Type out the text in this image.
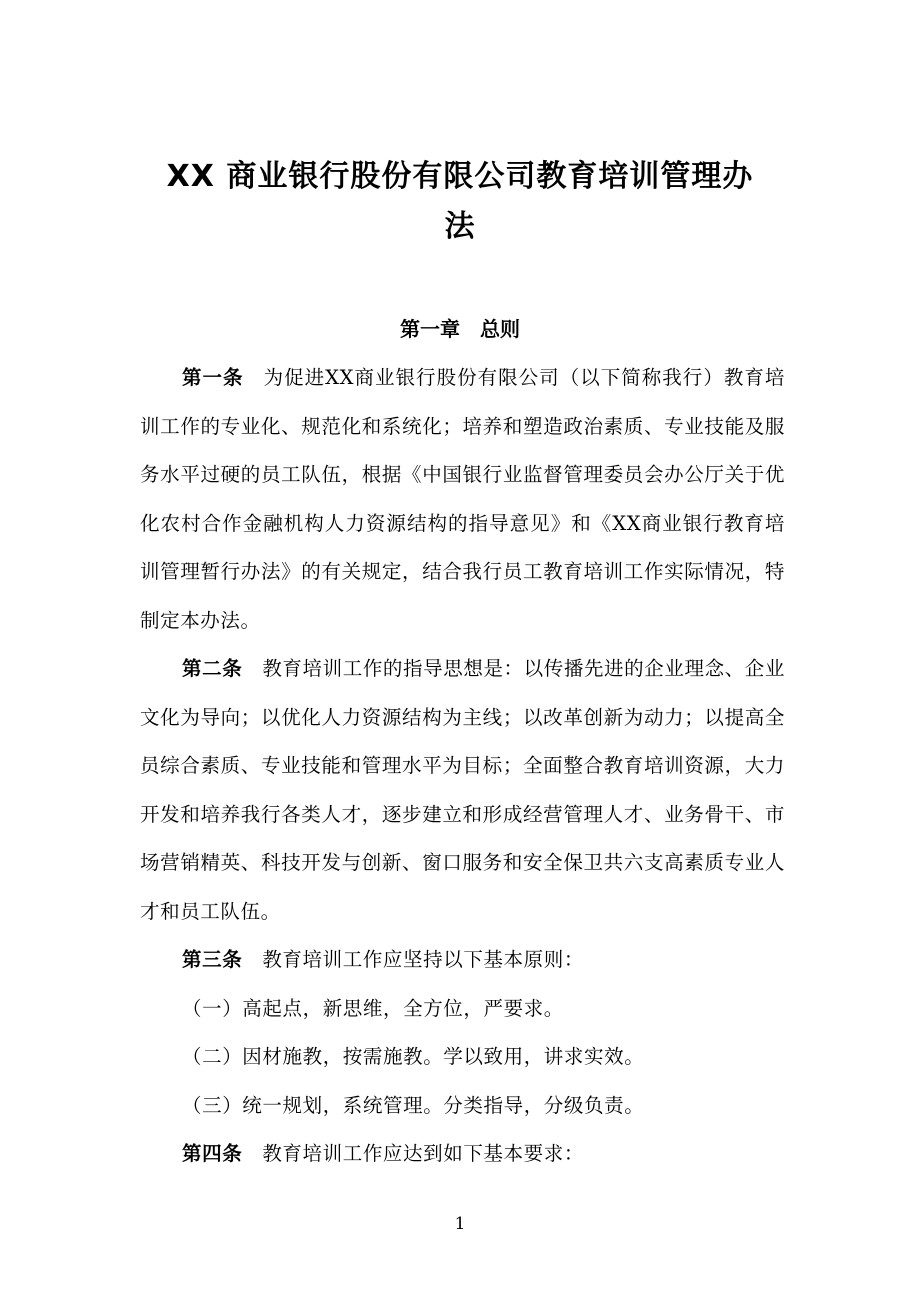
XX 商业银行股份有限公司教育培训管理办
法
第一章　总则

第一条 为促进XX商业银行股份有限公司（以下简称我行）教育培训工作的专业化、规范化和系统化；培养和塑造政治素质、专业技能及服务水平过硬的员工队伍，根据《中国银行业监督管理委员会办公厅关于优化农村合作金融机构人力资源结构的指导意见》和《XX商业银行教育培训管理暂行办法》的有关规定，结合我行员工教育培训工作实际情况，特制定本办法。

第二条 教育培训工作的指导思想是：以传播先进的企业理念、企业文化为导向；以优化人力资源结构为主线；以改革创新为动力；以提高全员综合素质、专业技能和管理水平为目标；全面整合教育培训资源，大力开发和培养我行各类人才，逐步建立和形成经营管理人才、业务骨干、市场营销精英、科技开发与创新、窗口服务和安全保卫共六支高素质专业人才和员工队伍。

第三条 教育培训工作应坚持以下基本原则：

（一）高起点，新思维，全方位，严要求。

（二）因材施教，按需施教。学以致用，讲求实效。

（三）统一规划，系统管理。分类指导，分级负责。

第四条 教育培训工作应达到如下基本要求：

1
